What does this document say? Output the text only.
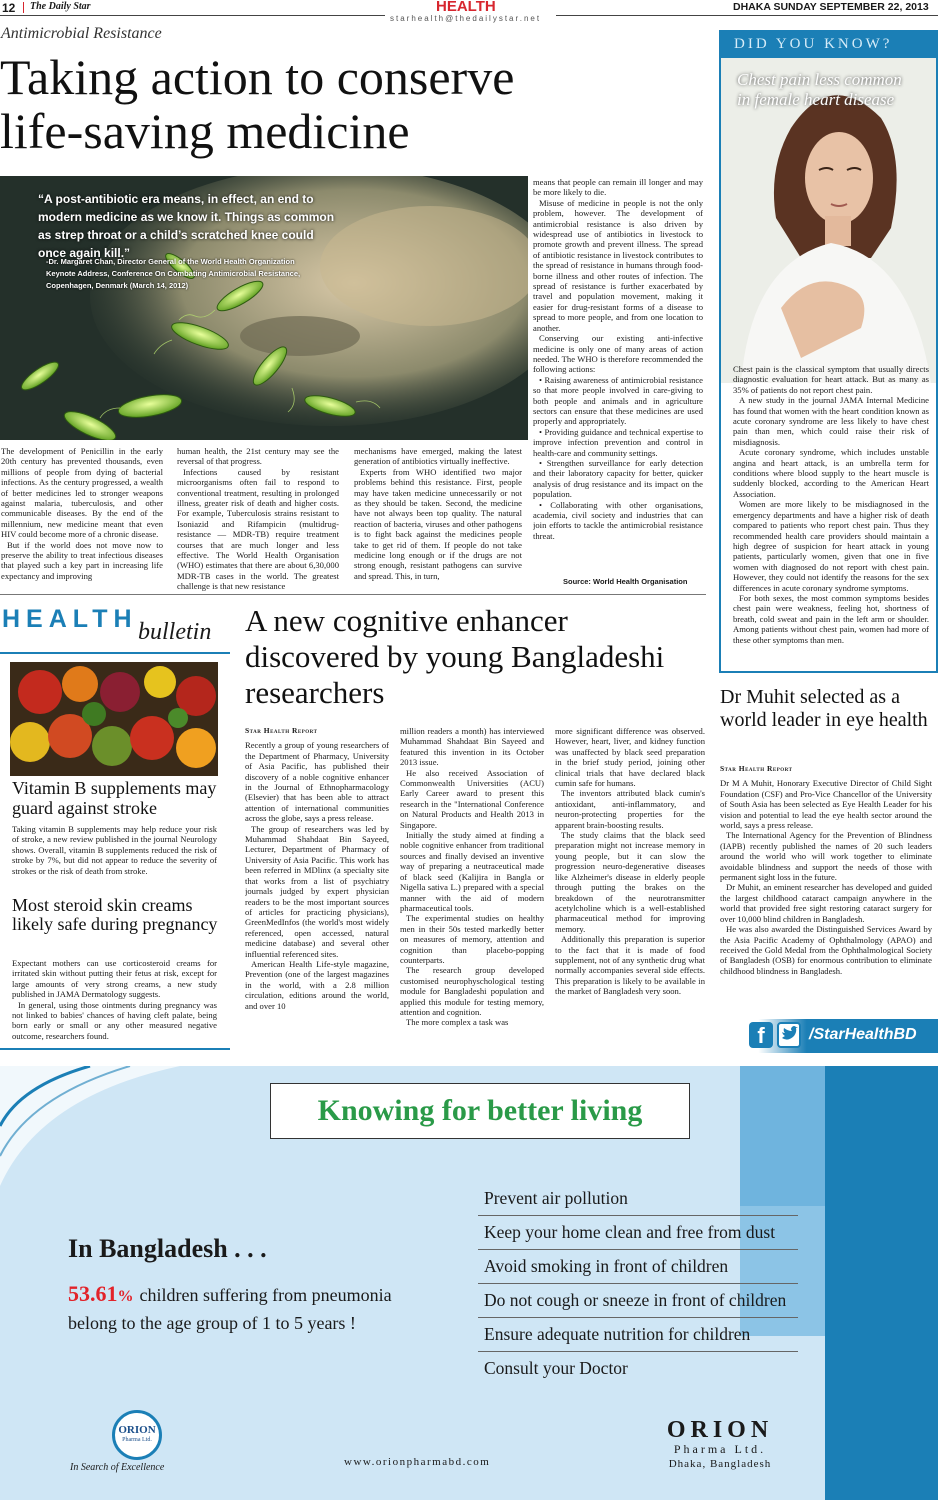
12 The Daily Star	HEALTH
starhealth@thedailystar.net
DHAKA SUNDAY SEPTEMBER 22, 2013
Antimicrobial Resistance
Taking action to conserve
life-saving medicine
“A post-antibiotic era means, in effect, an end to modern medicine as we know it. Things as common as strep throat or a child’s scratched knee could once again kill.”
-Dr. Margaret Chan, Director General of the World Health Organization
Keynote Address, Conference On Combating Antimicrobial Resistance,
Copenhagen, Denmark (March 14, 2012)

The development of Penicillin in the early 20th century has prevented thousands, even millions of people from dying of bacterial infections. As the century progressed, a wealth of better medicines led to stronger weapons against malaria, tuberculosis, and other communicable diseases. By the end of the millennium, new medicine meant that even HIV could become more of a chronic disease.

But if the world does not move now to preserve the ability to treat infectious diseases that played such a key part in increasing life expectancy and improving

human health, the 21st century may see the reversal of that progress.

Infections caused by resistant microorganisms often fail to respond to conventional treatment, resulting in prolonged illness, greater risk of death and higher costs. For example, Tuberculosis strains resistant to Isoniazid and Rifampicin (multidrug-resistance — MDR-TB) require treatment courses that are much longer and less effective. The World Health Organisation (WHO) estimates that there are about 6,30,000 MDR-TB cases in the world. The greatest challenge is that new resistance

mechanisms have emerged, making the latest generation of antibiotics virtually ineffective.

Experts from WHO identified two major problems behind this resistance. First, people may have taken medicine unnecessarily or not as they should be taken. Second, the medicine have not always been top quality. The natural reaction of bacteria, viruses and other pathogens is to fight back against the medicines people take to get rid of them. If people do not take medicine long enough or if the drugs are not strong enough, resistant pathogens can survive and spread. This, in turn,

means that people can remain ill longer and may be more likely to die.

Misuse of medicine in people is not the only problem, however. The development of antimicrobial resistance is also driven by widespread use of antibiotics in livestock to promote growth and prevent illness. The spread of antibiotic resistance in livestock contributes to the spread of resistance in humans through food-borne illness and other routes of infection. The spread of resistance is further exacerbated by travel and population movement, making it easier for drug-resistant forms of a disease to spread to more people, and from one location to another.

Conserving our existing anti-infective medicine is only one of many areas of action needed. The WHO is therefore recommended the following actions:

• Raising awareness of antimicrobial resistance so that more people involved in care-giving to both people and animals and in agriculture sectors can ensure that these medicines are used properly and appropriately.

• Providing guidance and technical expertise to improve infection prevention and control in health-care and community settings.

• Strengthen surveillance for early detection and their laboratory capacity for better, quicker analysis of drug resistance and its impact on the population.

• Collaborating with other organisations, academia, civil society and industries that can join efforts to tackle the antimicrobial resistance threat.

Source: World Health Organisation
DID YOU KNOW?
Chest pain less common in female heart disease

Chest pain is the classical symptom that usually directs diagnostic evaluation for heart attack. But as many as 35% of patients do not report chest pain.

A new study in the journal JAMA Internal Medicine has found that women with the heart condition known as acute coronary syndrome are less likely to have chest pain than men, which could raise their risk of misdiagnosis.

Acute coronary syndrome, which includes unstable angina and heart attack, is an umbrella term for conditions where blood supply to the heart muscle is suddenly blocked, according to the American Heart Association.

Women are more likely to be misdiagnosed in the emergency departments and have a higher risk of death compared to patients who report chest pain. Thus they recommended health care providers should maintain a high degree of suspicion for heart attack in young patients, particularly women, given that one in five women with diagnosed do not report with chest pain. However, they could not identify the reasons for the sex differences in acute coronary syndrome symptoms.

For both sexes, the most common symptoms besides chest pain were weakness, feeling hot, shortness of breath, cold sweat and pain in the left arm or shoulder. Among patients without chest pain, women had more of these other symptoms than men.

HEALTH bulletin
Vitamin B supplements may guard against stroke
Taking vitamin B supplements may help reduce your risk of stroke, a new review published in the journal Neurology shows. Overall, vitamin B supplements reduced the risk of stroke by 7%, but did not appear to reduce the severity of strokes or the risk of death from stroke.
Most steroid skin creams likely safe during pregnancy

Expectant mothers can use corticosteroid creams for irritated skin without putting their fetus at risk, except for large amounts of very strong creams, a new study published in JAMA Dermatology suggests.

In general, using those ointments during pregnancy was not linked to babies' chances of having cleft palate, being born early or small or any other measured negative outcome, researchers found.

A new cognitive enhancer discovered by young Bangladeshi researchers
Star Health Report

Recently a group of young researchers of the Department of Pharmacy, University of Asia Pacific, has published their discovery of a noble cognitive enhancer in the Journal of Ethnopharmacology (Elsevier) that has been able to attract attention of international communities across the globe, says a press release.

The group of researchers was led by Muhammad Shahdaat Bin Sayeed, Lecturer, Department of Pharmacy of University of Asia Pacific. This work has been referred in MDlinx (a specialty site that works from a list of psychiatry journals judged by expert physician readers to be the most important sources of articles for practicing physicians), GreenMedInfos (the world's most widely referenced, open accessed, natural medicine database) and several other influential referenced sites.

American Health Life-style magazine, Prevention (one of the largest magazines in the world, with a 2.8 million circulation, editions around the world, and over 10

million readers a month) has interviewed Muhammad Shahdaat Bin Sayeed and featured this invention in its October 2013 issue.

He also received Association of Commonwealth Universities (ACU) Early Career award to present this research in the "International Conference on Natural Products and Health 2013 in Singapore.

Initially the study aimed at finding a noble cognitive enhancer from traditional sources and finally devised an inventive way of preparing a neutraceutical made of black seed (Kalijira in Bangla or Nigella sativa L.) prepared with a special manner with the aid of modern pharmaceutical tools.

The experimental studies on healthy men in their 50s tested markedly better on measures of memory, attention and cognition than placebo-popping counterparts.

The research group developed customised neurophyschological testing module for Bangladeshi population and applied this module for testing memory, attention and cognition.

The more complex a task was

more significant difference was observed. However, heart, liver, and kidney function was unaffected by black seed preparation in the brief study period, joining other clinical trials that have declared black cumin safe for humans.

The inventors attributed black cumin's antioxidant, anti-inflammatory, and neuron-protecting properties for the apparent brain-boosting results.

The study claims that the black seed preparation might not increase memory in young people, but it can slow the progression neuro-degenerative diseases like Alzheimer's disease in elderly people through putting the brakes on the breakdown of the neurotransmitter acetylcholine which is a well-established pharmaceutical method for improving memory.

Additionally this preparation is superior to the fact that it is made of food supplement, not of any synthetic drug what normally accompanies several side effects. This preparation is likely to be available in the market of Bangladesh very soon.

Dr Muhit selected as a world leader in eye health
Star Health Report

Dr M A Muhit, Honorary Executive Director of Child Sight Foundation (CSF) and Pro-Vice Chancellor of the University of South Asia has been selected as Eye Health Leader for his vision and potential to lead the eye health sector around the world, says a press release.

The International Agency for the Prevention of Blindness (IAPB) recently published the names of 20 such leaders around the world who will work together to eliminate avoidable blindness and support the needs of those with permanent sight loss in the future.

Dr Muhit, an eminent researcher has developed and guided the largest childhood cataract campaign anywhere in the world that provided free sight restoring cataract surgery for over 10,000 blind children in Bangladesh.

He was also awarded the Distinguished Services Award by the Asia Pacific Academy of Ophthalmology (APAO) and received the Gold Medal from the Ophthalmological Society of Bangladesh (OSB) for enormous contribution to eliminate childhood blindness in Bangladesh.

f	/StarHealthBD
Knowing for better living
In Bangladesh . . .
53.61% children suffering from pneumonia
belong to the age group of 1 to 5 years !
Prevent air pollution
Keep your home clean and free from dust
Avoid smoking in front of children
Do not cough or sneeze in front of children
Ensure adequate nutrition for children
Consult your Doctor
ORION
Pharma Ltd.
In Search of Excellence	www.orionpharmabd.com
ORION
Pharma Ltd.
Dhaka, Bangladesh
